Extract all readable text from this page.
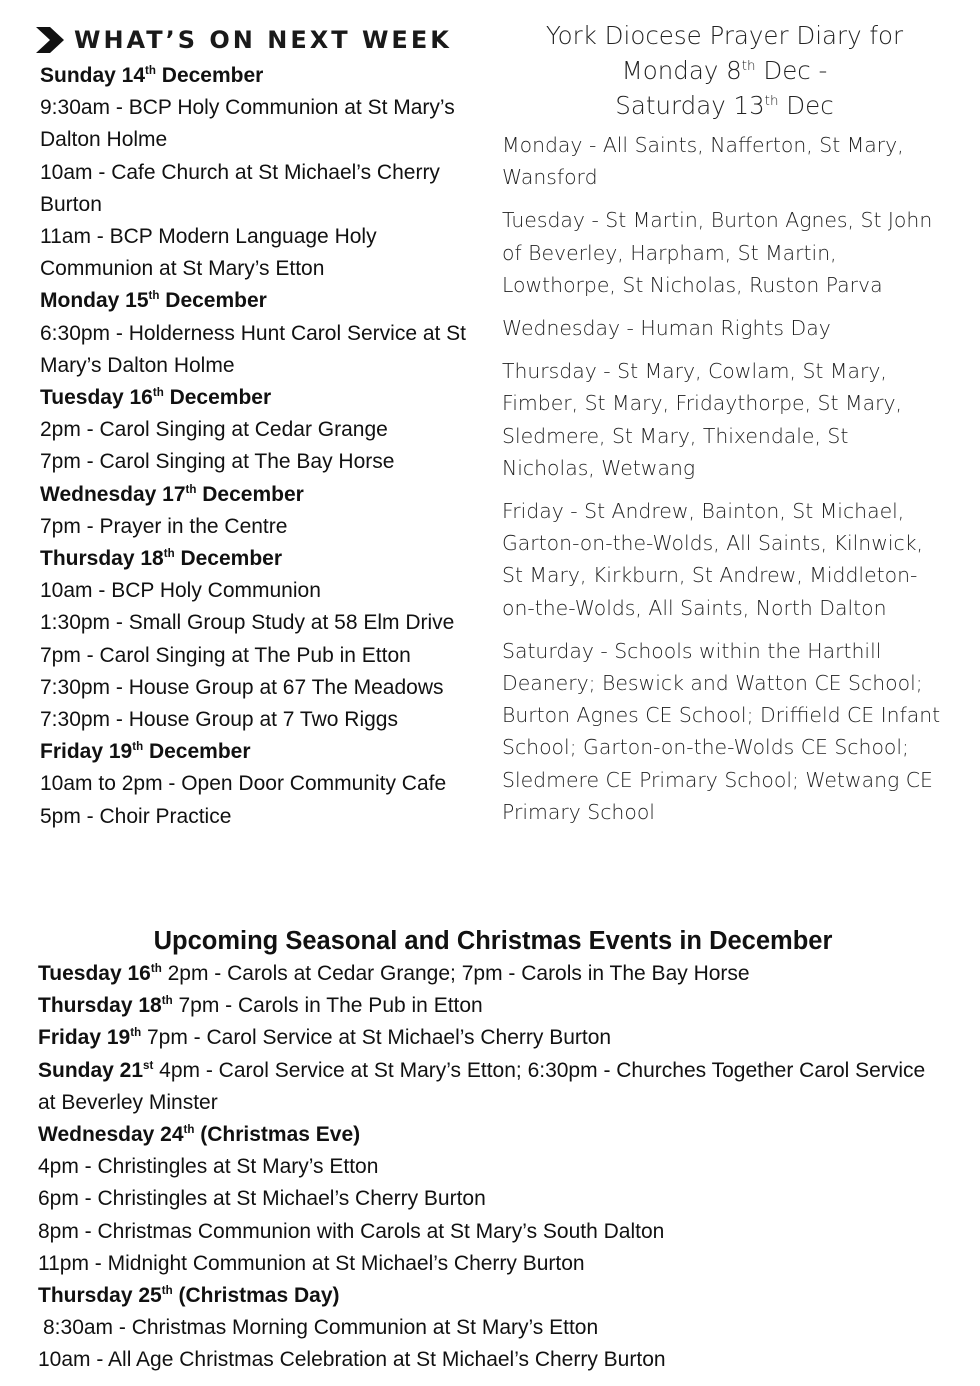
WHAT’S ON NEXT WEEK
Sunday 14th December
9:30am - BCP Holy Communion at St Mary’s Dalton Holme
10am - Cafe Church at St Michael’s Cherry Burton
11am - BCP Modern Language Holy Communion at St Mary’s Etton
Monday 15th December
6:30pm - Holderness Hunt Carol Service at St Mary’s Dalton Holme
Tuesday 16th December
2pm - Carol Singing at Cedar Grange
7pm - Carol Singing at The Bay Horse
Wednesday 17th December
7pm - Prayer in the Centre
Thursday 18th December
10am - BCP Holy Communion
1:30pm - Small Group Study at 58 Elm Drive
7pm - Carol Singing at The Pub in Etton
7:30pm - House Group at 67 The Meadows
7:30pm - House Group at 7 Two Riggs
Friday 19th December
10am to 2pm - Open Door Community Cafe
5pm - Choir Practice
York Diocese Prayer Diary for
Monday 8th Dec -
Saturday 13th Dec
Monday - All Saints, Nafferton, St Mary, Wansford
Tuesday - St Martin, Burton Agnes, St John of Beverley, Harpham, St Martin, Lowthorpe, St Nicholas, Ruston Parva
Wednesday - Human Rights Day
Thursday - St Mary, Cowlam, St Mary, Fimber, St Mary, Fridaythorpe, St Mary, Sledmere, St Mary, Thixendale, St Nicholas, Wetwang
Friday - St Andrew, Bainton, St Michael, Garton-on-the-Wolds, All Saints, Kilnwick, St Mary, Kirkburn, St Andrew, Middleton-on-the-Wolds, All Saints, North Dalton
Saturday - Schools within the Harthill Deanery; Beswick and Watton CE School; Burton Agnes CE School; Driffield CE Infant School; Garton-on-the-Wolds CE School; Sledmere CE Primary School; Wetwang CE Primary School
Upcoming Seasonal and Christmas Events in December
Tuesday 16th 2pm - Carols at Cedar Grange; 7pm - Carols in The Bay Horse
Thursday 18th 7pm - Carols in The Pub in Etton
Friday 19th 7pm - Carol Service at St Michael’s Cherry Burton
Sunday 21st 4pm - Carol Service at St Mary’s Etton; 6:30pm - Churches Together Carol Service at Beverley Minster
Wednesday 24th (Christmas Eve)
4pm - Christingles at St Mary’s Etton
6pm - Christingles at St Michael’s Cherry Burton
8pm - Christmas Communion with Carols at St Mary’s South Dalton
11pm - Midnight Communion at St Michael’s Cherry Burton
Thursday 25th (Christmas Day)
8:30am - Christmas Morning Communion at St Mary’s Etton
10am - All Age Christmas Celebration at St Michael’s Cherry Burton
